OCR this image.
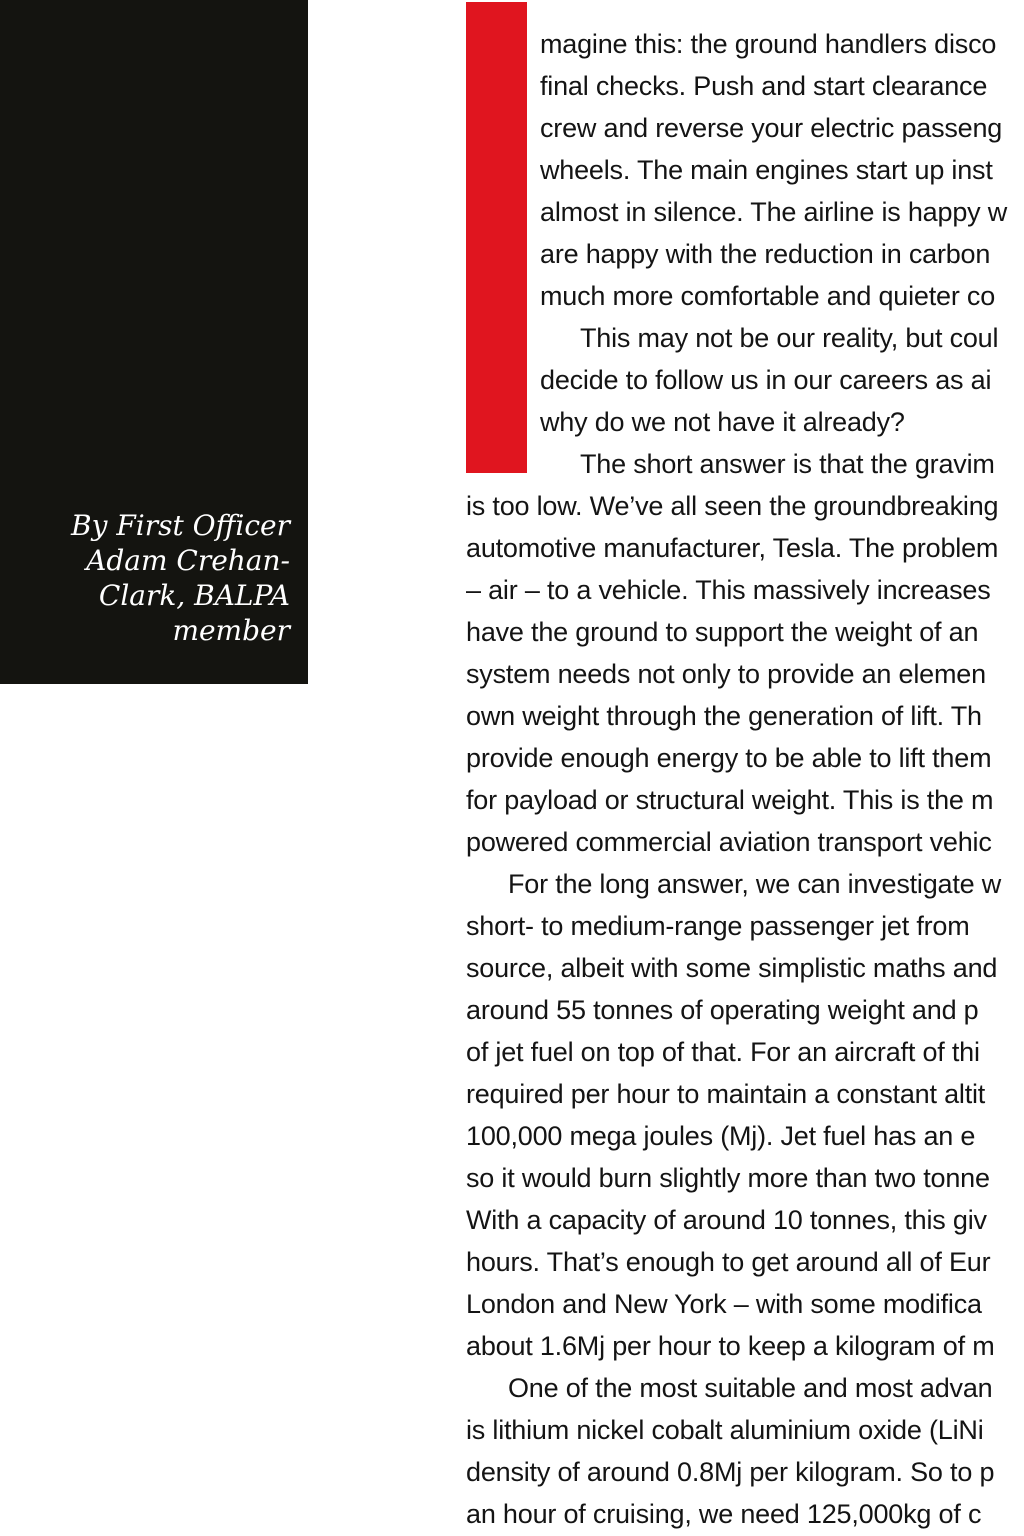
By First Officer
Adam Crehan-
Clark, BALPA
member
magine this: the ground handlers disco
final checks. Push and start clearance
crew and reverse your electric passeng
wheels. The main engines start up inst
almost in silence. The airline is happy w
are happy with the reduction in carbon
much more comfortable and quieter co
This may not be our reality, but coul
decide to follow us in our careers as ai
why do we not have it already?
The short answer is that the gravim
is too low. We’ve all seen the groundbreaking
automotive manufacturer, Tesla. The problem
– air – to a vehicle. This massively increases
have the ground to support the weight of an
system needs not only to provide an elemen
own weight through the generation of lift. Th
provide enough energy to be able to lift them
for payload or structural weight. This is the m
powered commercial aviation transport vehic
For the long answer, we can investigate w
short- to medium-range passenger jet from
source, albeit with some simplistic maths and
around 55 tonnes of operating weight and p
of jet fuel on top of that. For an aircraft of thi
required per hour to maintain a constant altit
100,000 mega joules (Mj). Jet fuel has an e
so it would burn slightly more than two tonne
With a capacity of around 10 tonnes, this giv
hours. That’s enough to get around all of Eur
London and New York – with some modifica
about 1.6Mj per hour to keep a kilogram of m
One of the most suitable and most advan
is lithium nickel cobalt aluminium oxide (LiNi
density of around 0.8Mj per kilogram. So to p
an hour of cruising, we need 125,000kg of c
